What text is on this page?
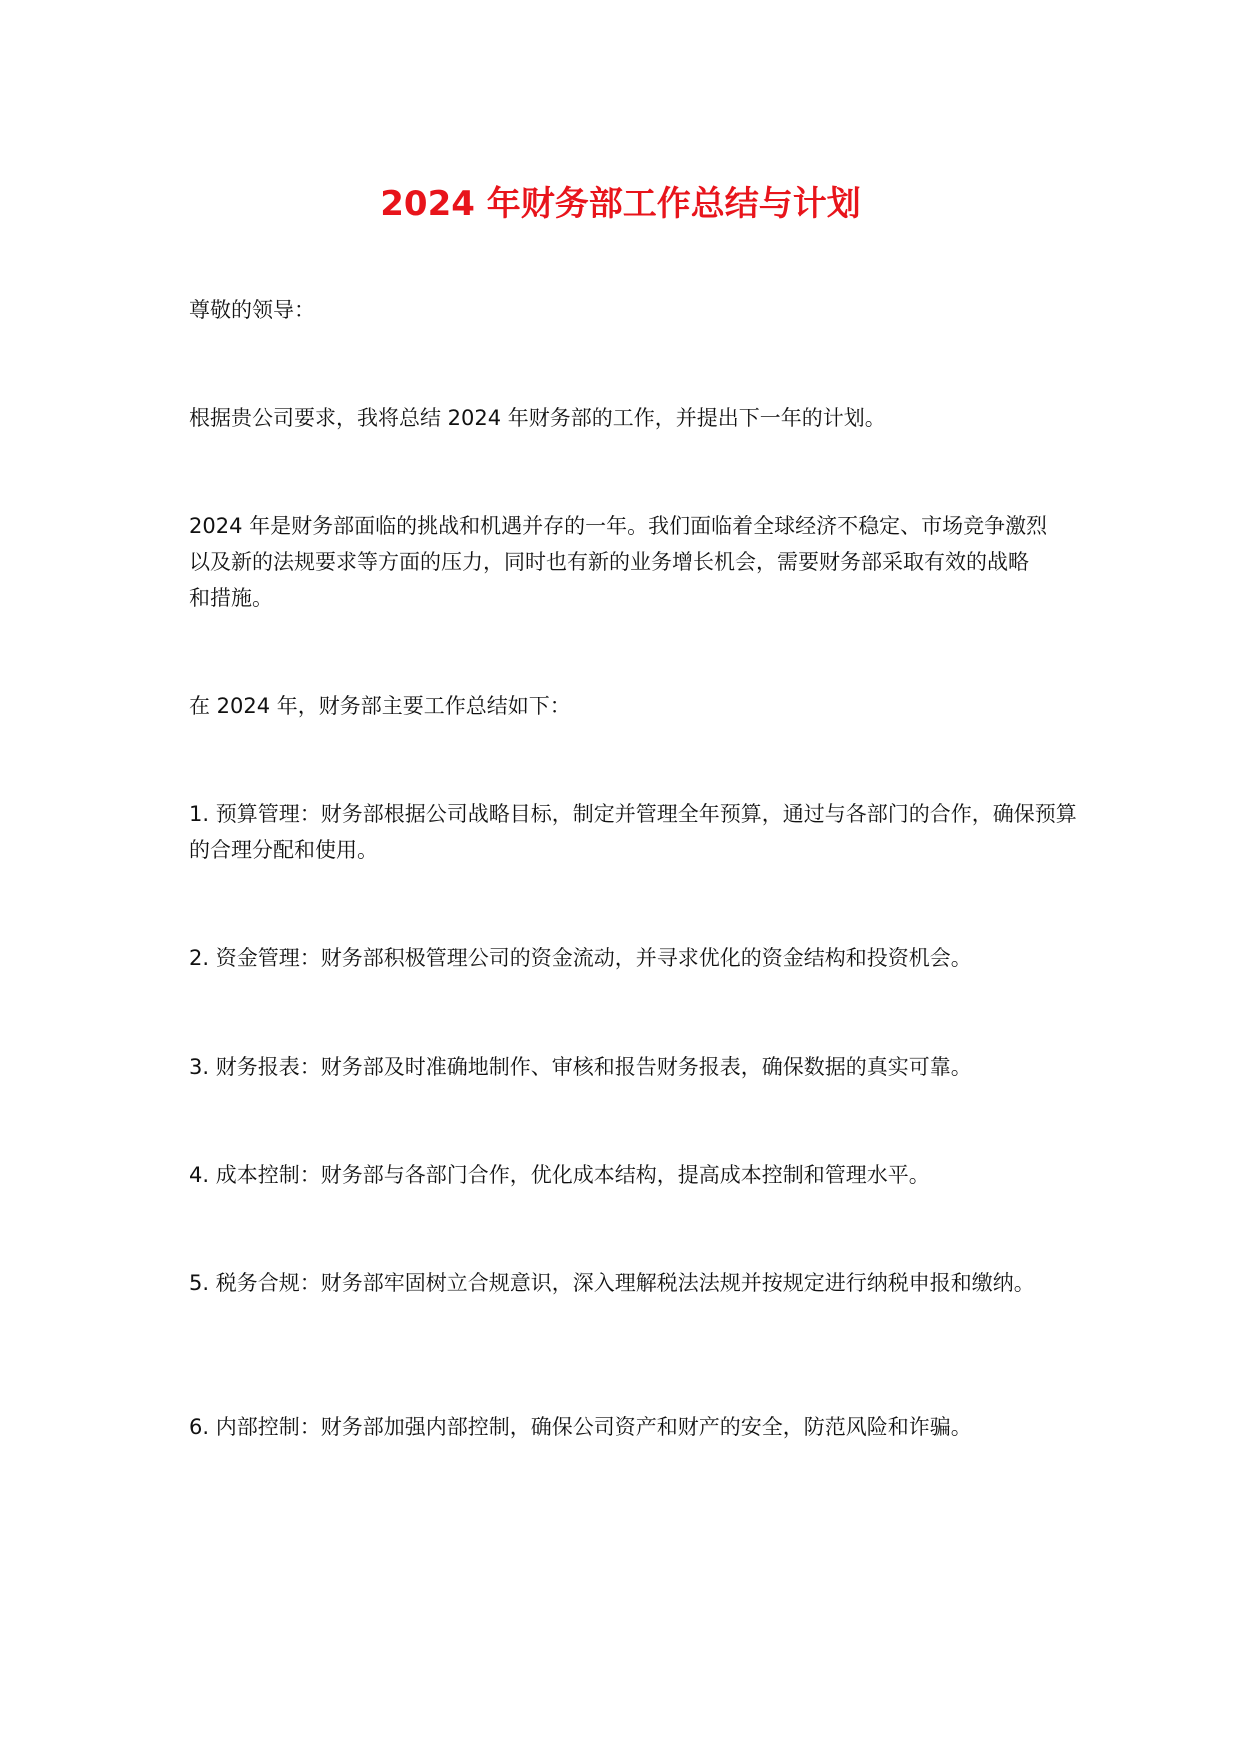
2024 年财务部工作总结与计划

尊敬的领导：

根据贵公司要求，我将总结 2024 年财务部的工作，并提出下一年的计划。

2024 年是财务部面临的挑战和机遇并存的一年。我们面临着全球经济不稳定、市场竞争激烈以及新的法规要求等方面的压力，同时也有新的业务增长机会，需要财务部采取有效的战略和措施。

在 2024 年，财务部主要工作总结如下：

1. 预算管理：财务部根据公司战略目标，制定并管理全年预算，通过与各部门的合作，确保预算的合理分配和使用。

2. 资金管理：财务部积极管理公司的资金流动，并寻求优化的资金结构和投资机会。

3. 财务报表：财务部及时准确地制作、审核和报告财务报表，确保数据的真实可靠。

4. 成本控制：财务部与各部门合作，优化成本结构，提高成本控制和管理水平。

5. 税务合规：财务部牢固树立合规意识，深入理解税法法规并按规定进行纳税申报和缴纳。

6. 内部控制：财务部加强内部控制，确保公司资产和财产的安全，防范风险和诈骗。
